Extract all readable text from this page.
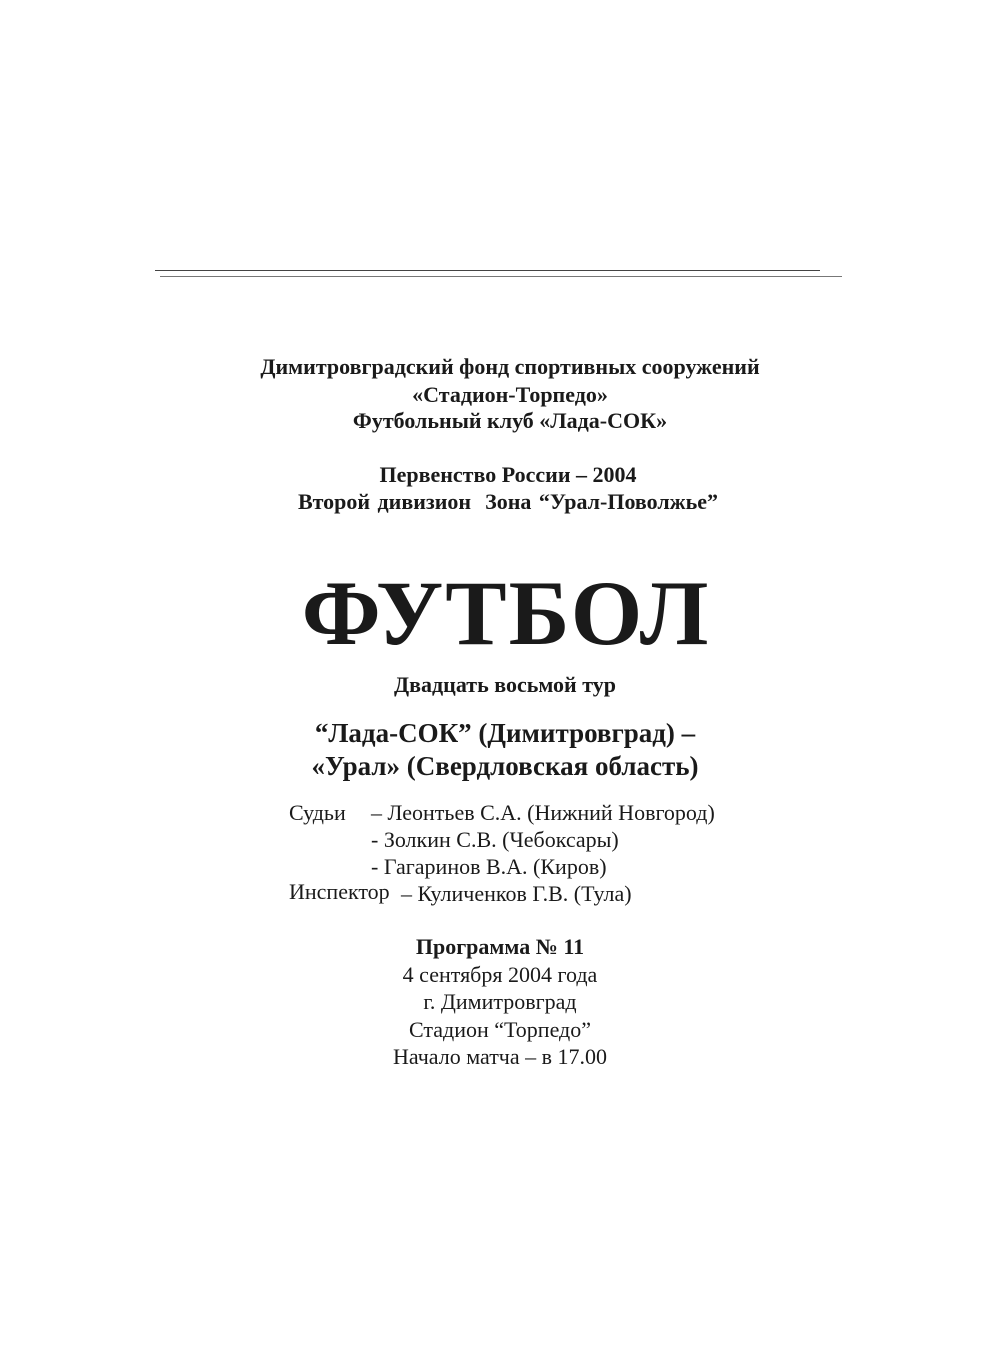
Димитровградский фонд спортивных сооружений
«Стадион-Торпедо»
Футбольный клуб «Лада-СОК»
Первенство России – 2004
Второй дивизион Зона “Урал-Поволжье”
ФУТБОЛ
Двадцать восьмой тур
“Лада-СОК” (Димитровград) –
«Урал» (Свердловская область)
Судьи – Леонтьев С.А. (Нижний Новгород)
- Золкин С.В. (Чебоксары)
- Гагаринов В.А. (Киров)
Инспектор – Куличенков Г.В. (Тула)
Программа № 11
4 сентября 2004 года
г. Димитровград
Стадион “Торпедо”
Начало матча – в 17.00
